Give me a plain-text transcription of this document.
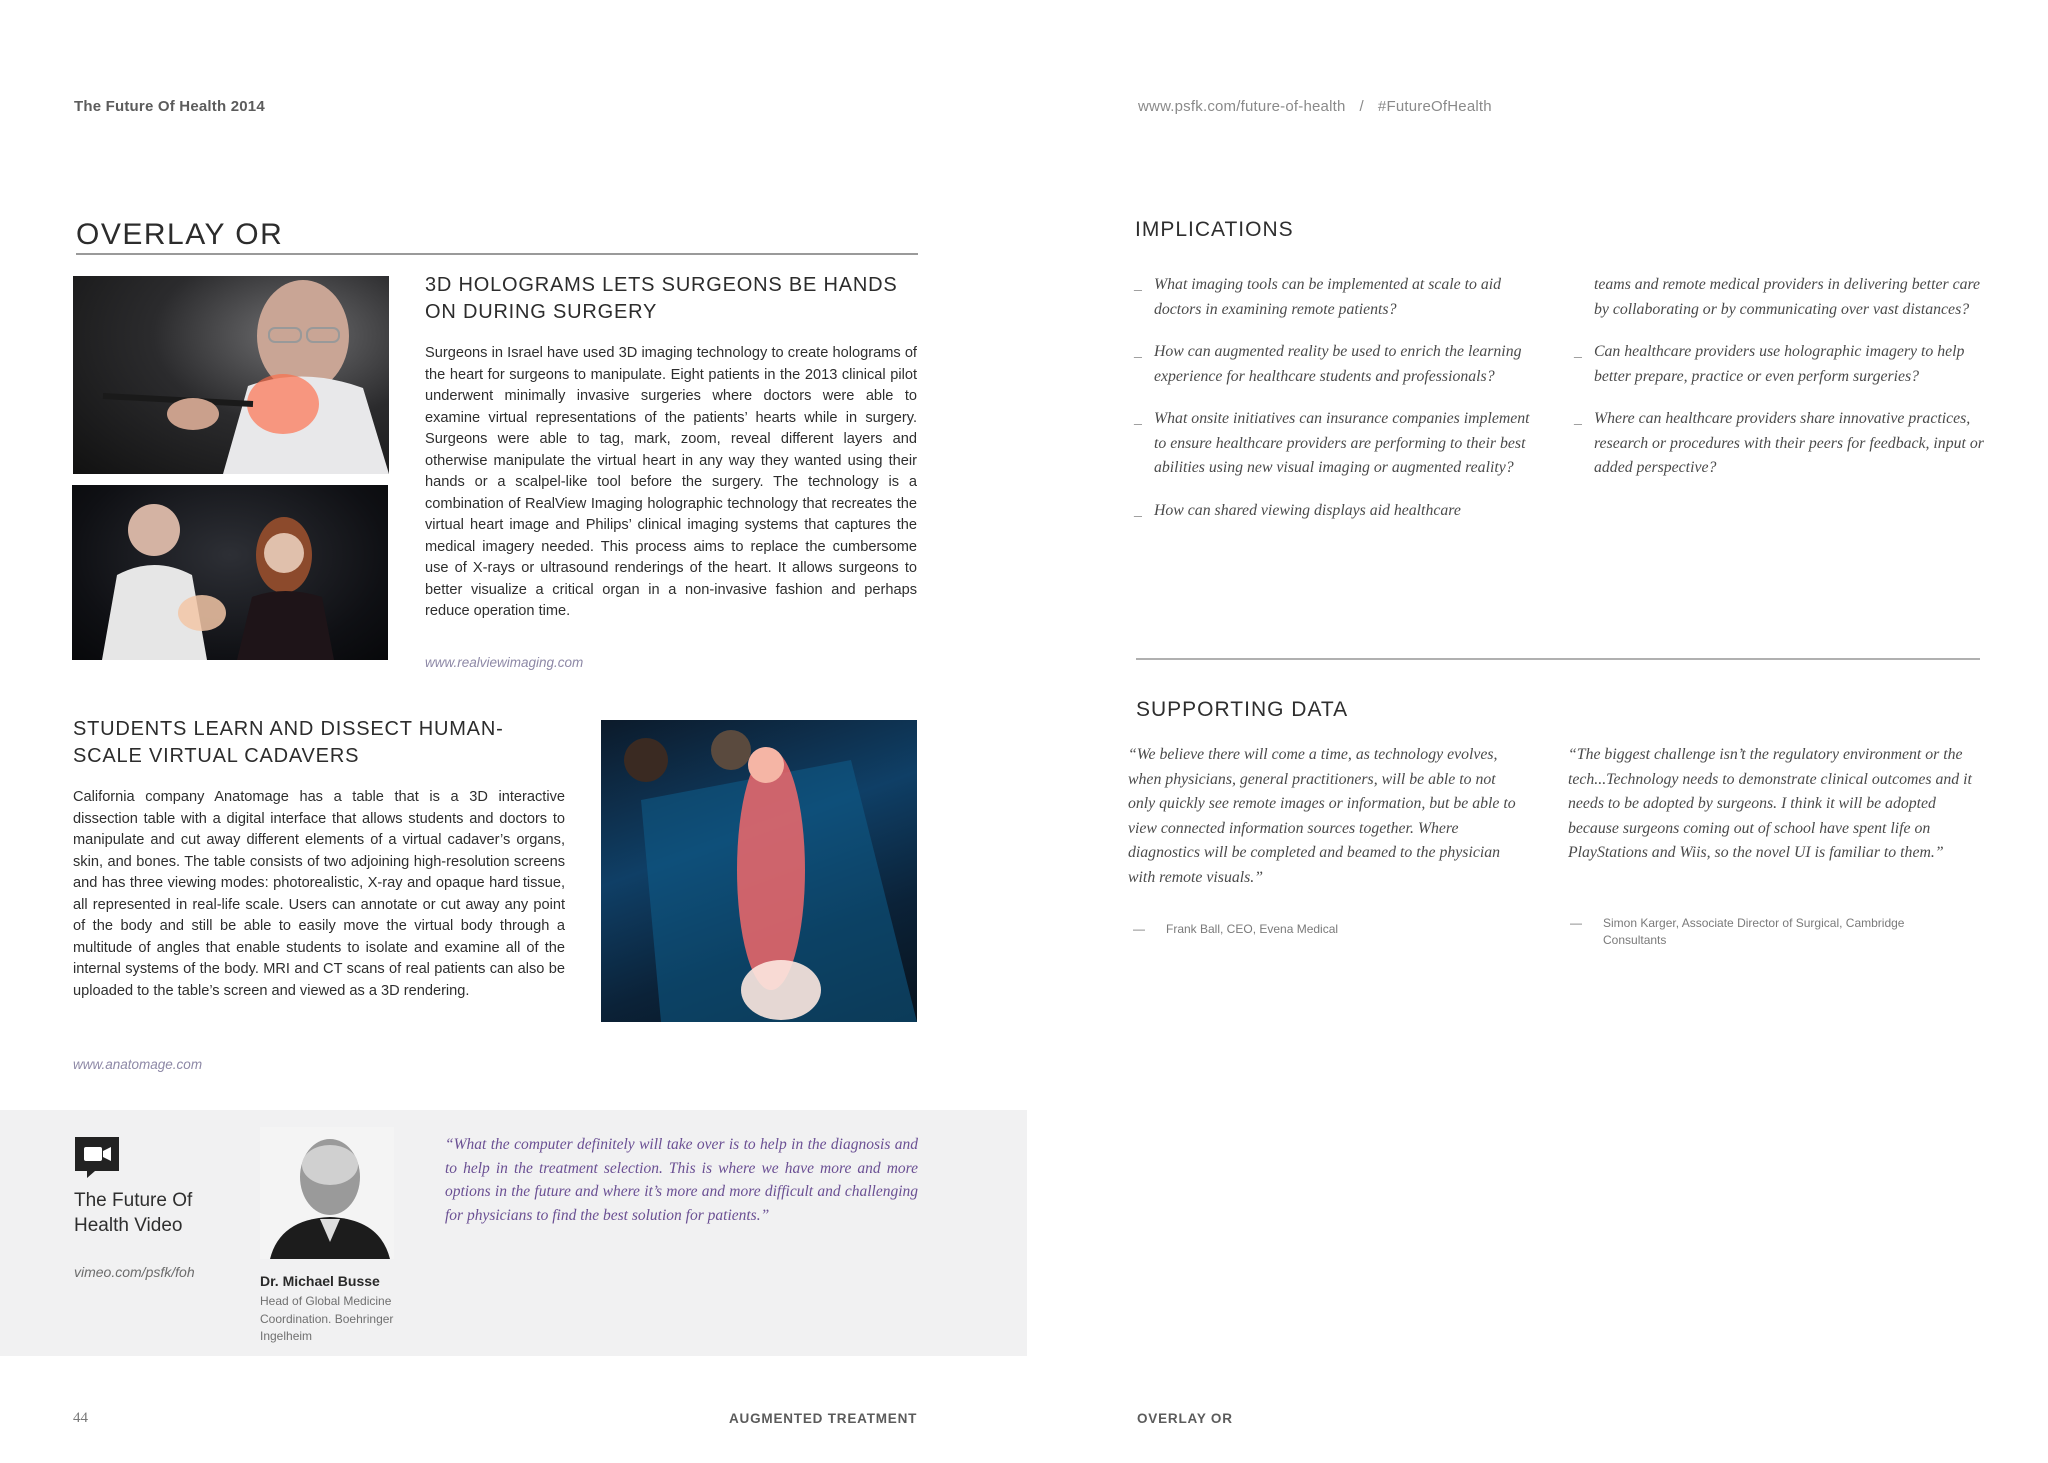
The Future Of Health 2014	www.psfk.com/future-of-health / #FutureOfHealth
OVERLAY OR
3D HOLOGRAMS LETS SURGEONS BE HANDS ON DURING SURGERY
Surgeons in Israel have used 3D imaging technology to create holograms of the heart for surgeons to manipulate. Eight patients in the 2013 clinical pilot underwent minimally invasive surgeries where doctors were able to examine virtual representations of the patients’ hearts while in surgery. Surgeons were able to tag, mark, zoom, reveal different layers and otherwise manipulate the virtual heart in any way they wanted using their hands or a scalpel-like tool before the surgery. The technology is a combination of RealView Imaging holographic technology that recreates the virtual heart image and Philips’ clinical imaging systems that captures the medical imagery needed. This process aims to replace the cumbersome use of X-rays or ultrasound renderings of the heart. It allows surgeons to better visualize a critical organ in a non-invasive fashion and perhaps reduce operation time.
www.realviewimaging.com
STUDENTS LEARN AND DISSECT HUMAN-SCALE VIRTUAL CADAVERS
California company Anatomage has a table that is a 3D interactive dissection table with a digital interface that allows students and doctors to manipulate and cut away different elements of a virtual cadaver’s organs, skin, and bones. The table consists of two adjoining high-resolution screens and has three viewing modes: photorealistic, X-ray and opaque hard tissue, all represented in real-life scale. Users can annotate or cut away any point of the body and still be able to easily move the virtual body through a multitude of angles that enable students to isolate and examine all of the internal systems of the body. MRI and CT scans of real patients can also be uploaded to the table’s screen and viewed as a 3D rendering.
www.anatomage.com
The Future Of Health Video
vimeo.com/psfk/foh
Dr. Michael Busse
Head of Global Medicine Coordination. Boehringer Ingelheim
“What the computer definitely will take over is to help in the diagnosis and to help in the treatment selection. This is where we have more and more options in the future and where it’s more and more difficult and challenging for physicians to find the best solution for patients.”
44	AUGMENTED TREATMENT
IMPLICATIONS
_ What imaging tools can be implemented at scale to aid doctors in examining remote patients?
_ How can augmented reality be used to enrich the learning experience for healthcare students and professionals?
_ What onsite initiatives can insurance companies implement to ensure healthcare providers are performing to their best abilities using new visual imaging or augmented reality?
_ How can shared viewing displays aid healthcare
teams and remote medical providers in delivering better care by collaborating or by communicating over vast distances?
_ Can healthcare providers use holographic imagery to help better prepare, practice or even perform surgeries?
_ Where can healthcare providers share innovative practices, research or procedures with their peers for feedback, input or added perspective?
SUPPORTING DATA
“We believe there will come a time, as technology evolves, when physicians, general practitioners, will be able to not only quickly see remote images or information, but be able to view connected information sources together. Where diagnostics will be completed and beamed to the physician with remote visuals.”
— Frank Ball, CEO, Evena Medical
“The biggest challenge isn’t the regulatory environment or the tech...Technology needs to demonstrate clinical outcomes and it needs to be adopted by surgeons. I think it will be adopted because surgeons coming out of school have spent life on PlayStations and Wiis, so the novel UI is familiar to them.”
— Simon Karger, Associate Director of Surgical, Cambridge Consultants
OVERLAY OR
